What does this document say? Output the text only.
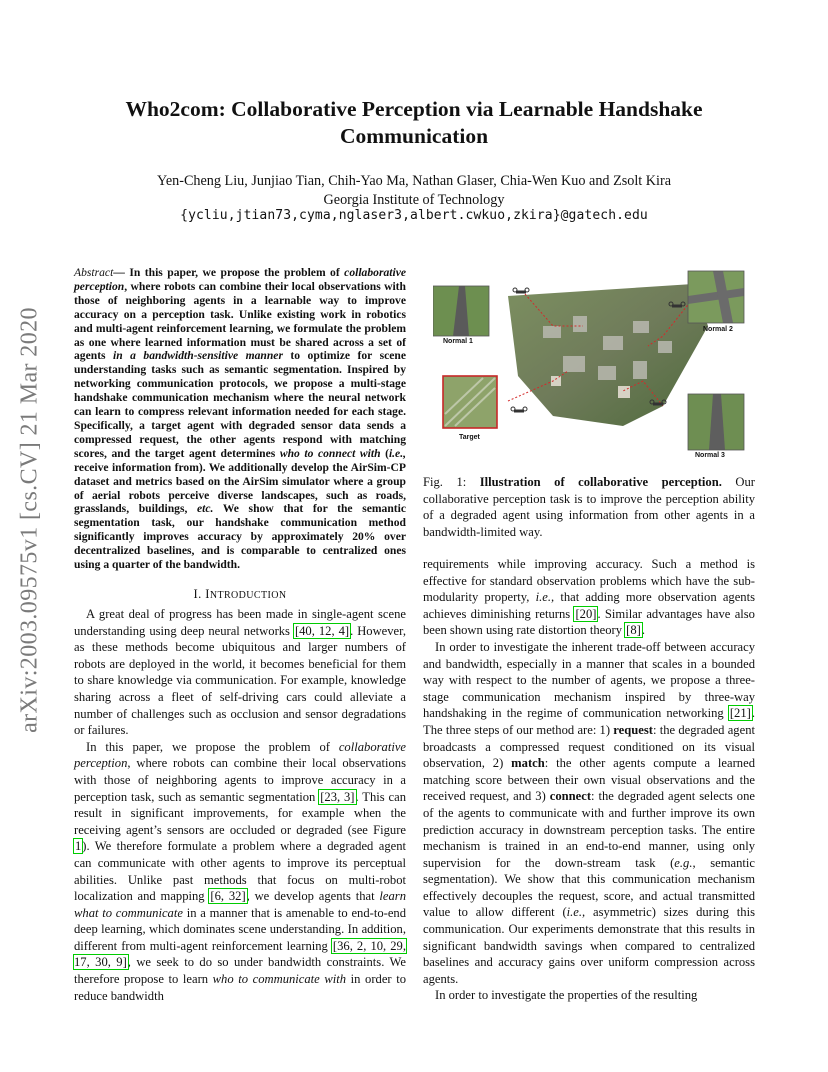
Who2com: Collaborative Perception via Learnable Handshake
Communication
Yen-Cheng Liu, Junjiao Tian, Chih-Yao Ma, Nathan Glaser, Chia-Wen Kuo and Zsolt Kira
Georgia Institute of Technology
{ycliu,jtian73,cyma,nglaser3,albert.cwkuo,zkira}@gatech.edu
arXiv:2003.09575v1 [cs.CV] 21 Mar 2020
Abstract— In this paper, we propose the problem of collaborative perception, where robots can combine their local observations with those of neighboring agents in a learnable way to improve accuracy on a perception task. Unlike existing work in robotics and multi-agent reinforcement learning, we formulate the problem as one where learned information must be shared across a set of agents in a bandwidth-sensitive manner to optimize for scene understanding tasks such as semantic segmentation. Inspired by networking communication protocols, we propose a multi-stage handshake communication mechanism where the neural network can learn to compress relevant information needed for each stage. Specifically, a target agent with degraded sensor data sends a compressed request, the other agents respond with matching scores, and the target agent determines who to connect with (i.e., receive information from). We additionally develop the AirSim-CP dataset and metrics based on the AirSim simulator where a group of aerial robots perceive diverse landscapes, such as roads, grasslands, buildings, etc. We show that for the semantic segmentation task, our handshake communication method significantly improves accuracy by approximately 20% over decentralized baselines, and is comparable to centralized ones using a quarter of the bandwidth.
I. INTRODUCTION

A great deal of progress has been made in single-agent scene understanding using deep neural networks [40, 12, 4]. However, as these methods become ubiquitous and larger numbers of robots are deployed in the world, it becomes beneficial for them to share knowledge via communication. For example, knowledge sharing across a fleet of self-driving cars could alleviate a number of challenges such as occlusion and sensor degradations or failures.

In this paper, we propose the problem of collaborative perception, where robots can combine their local observations with those of neighboring agents to improve accuracy in a perception task, such as semantic segmentation [23, 3]. This can result in significant improvements, for example when the receiving agent’s sensors are occluded or degraded (see Figure 1). We therefore formulate a problem where a degraded agent can communicate with other agents to improve its perceptual abilities. Unlike past methods that focus on multi-robot localization and mapping [6, 32], we develop agents that learn what to communicate in a manner that is amenable to end-to-end deep learning, which dominates scene understanding. In addition, different from multi-agent reinforcement learning [36, 2, 10, 29, 17, 30, 9], we seek to do so under bandwidth constraints. We therefore propose to learn who to communicate with in order to reduce bandwidth

Normal 1
Normal 2
Target
Normal 3
Fig. 1: Illustration of collaborative perception. Our collaborative perception task is to improve the perception ability of a degraded agent using information from other agents in a bandwidth-limited way.

requirements while improving accuracy. Such a method is effective for standard observation problems which have the sub-modularity property, i.e., that adding more observation agents achieves diminishing returns [20]. Similar advantages have also been shown using rate distortion theory [8].

In order to investigate the inherent trade-off between accuracy and bandwidth, especially in a manner that scales in a bounded way with respect to the number of agents, we propose a three-stage communication mechanism inspired by three-way handshaking in the regime of communication networking [21]. The three steps of our method are: 1) request: the degraded agent broadcasts a compressed request conditioned on its visual observation, 2) match: the other agents compute a learned matching score between their own visual observations and the received request, and 3) connect: the degraded agent selects one of the agents to communicate with and further improve its own prediction accuracy in downstream perception tasks. The entire mechanism is trained in an end-to-end manner, using only supervision for the down-stream task (e.g., semantic segmentation). We show that this communication mechanism effectively decouples the request, score, and actual transmitted value to allow different (i.e., asymmetric) sizes during this communication. Our experiments demonstrate that this results in significant bandwidth savings when compared to centralized baselines and accuracy gains over uniform compression across agents.

In order to investigate the properties of the resulting
